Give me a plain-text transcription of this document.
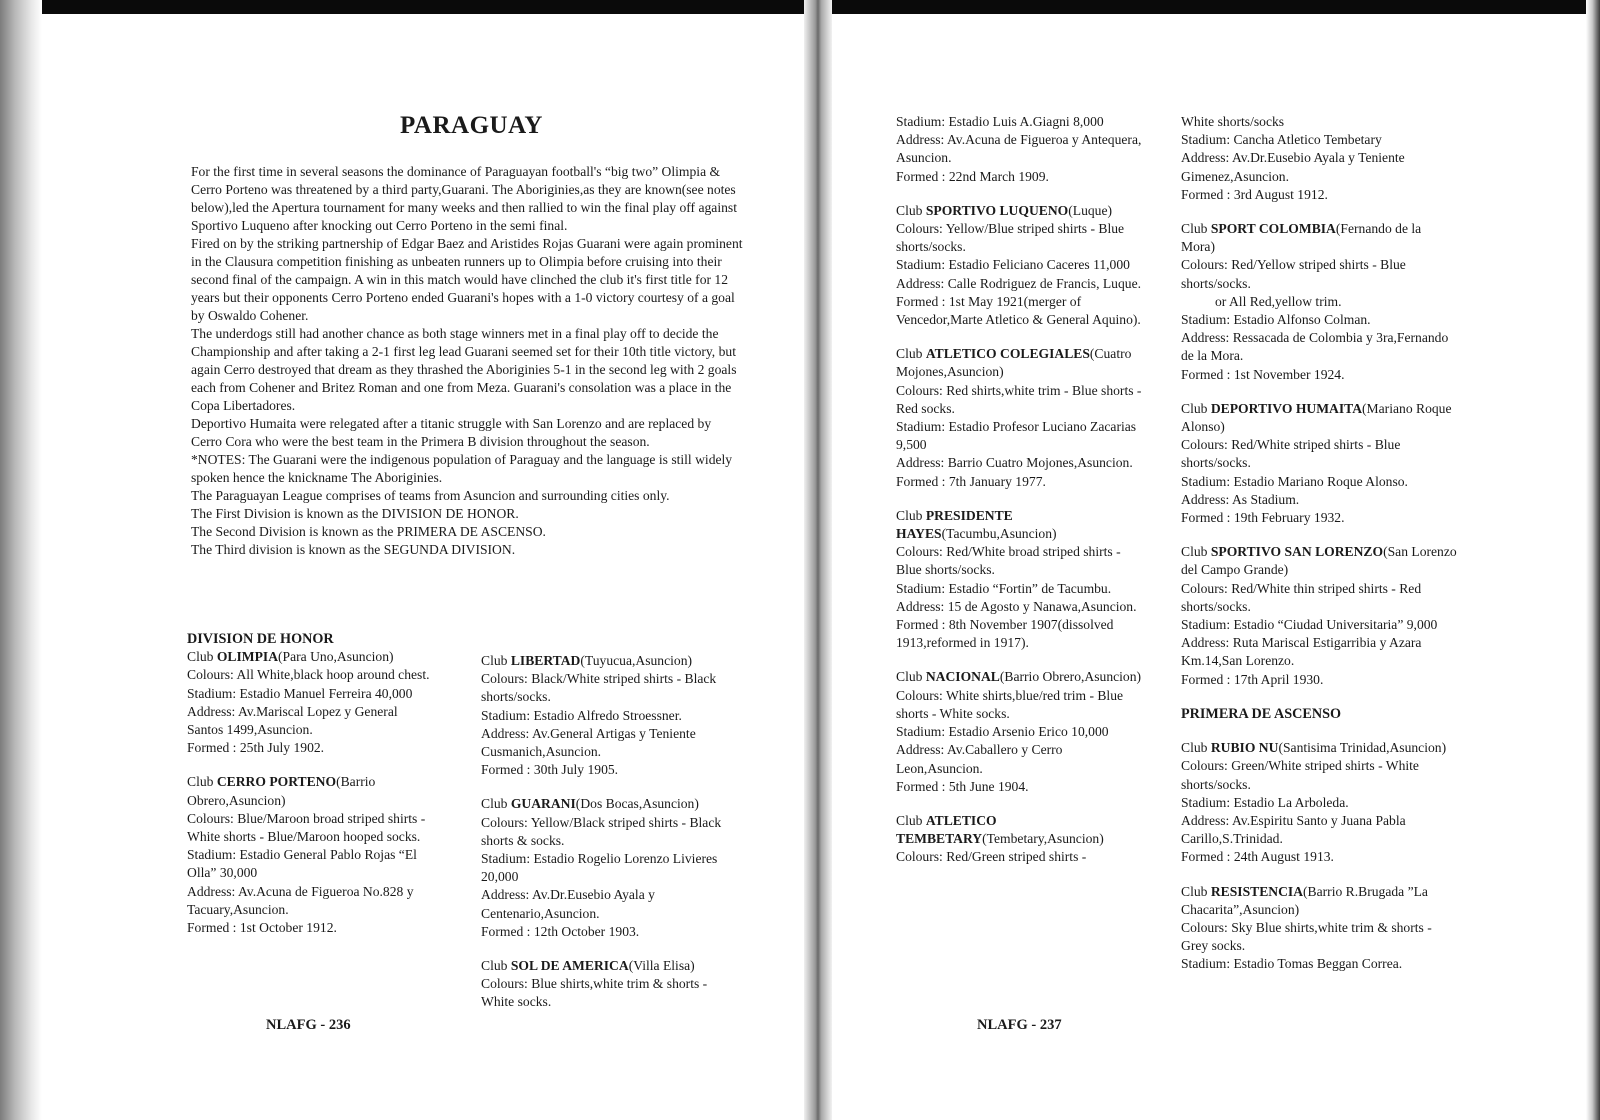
PARAGUAY

For the first time in several seasons the dominance of Paraguayan football's “big two” Olimpia & Cerro Porteno was threatened by a third party,Guarani. The Aboriginies,as they are known(see notes below),led the Apertura tournament for many weeks and then rallied to win the final play off against Sportivo Luqueno after knocking out Cerro Porteno in the semi final.

Fired on by the striking partnership of Edgar Baez and Aristides Rojas Guarani were again prominent in the Clausura competition finishing as unbeaten runners up to Olimpia before cruising into their second final of the campaign. A win in this match would have clinched the club it's first title for 12 years but their opponents Cerro Porteno ended Guarani's hopes with a 1-0 victory courtesy of a goal by Oswaldo Cohener.

The underdogs still had another chance as both stage winners met in a final play off to decide the Championship and after taking a 2-1 first leg lead Guarani seemed set for their 10th title victory, but again Cerro destroyed that dream as they thrashed the Aboriginies 5-1 in the second leg with 2 goals each from Cohener and Britez Roman and one from Meza. Guarani's consolation was a place in the Copa Libertadores.

Deportivo Humaita were relegated after a titanic struggle with San Lorenzo and are replaced by Cerro Cora who were the best team in the Primera B division throughout the season.

*NOTES: The Guarani were the indigenous population of Paraguay and the language is still widely spoken hence the knickname The Aboriginies.

The Paraguayan League comprises of teams from Asuncion and surrounding cities only.

The First Division is known as the DIVISION DE HONOR.

The Second Division is known as the PRIMERA DE ASCENSO.

The Third division is known as the SEGUNDA DIVISION.

DIVISION DE HONOR
Club OLIMPIA(Para Uno,Asuncion)
Colours: All White,black hoop around chest.
Stadium: Estadio Manuel Ferreira 40,000
Address: Av.Mariscal Lopez y General Santos 1499,Asuncion.
Formed : 25th July 1902.
Club CERRO PORTENO(Barrio Obrero,Asuncion)
Colours: Blue/Maroon broad striped shirts - White shorts - Blue/Maroon hooped socks.
Stadium: Estadio General Pablo Rojas “El Olla” 30,000
Address: Av.Acuna de Figueroa No.828 y Tacuary,Asuncion.
Formed : 1st October 1912.
Club LIBERTAD(Tuyucua,Asuncion)
Colours: Black/White striped shirts - Black shorts/socks.
Stadium: Estadio Alfredo Stroessner.
Address: Av.General Artigas y Teniente Cusmanich,Asuncion.
Formed : 30th July 1905.
Club GUARANI(Dos Bocas,Asuncion)
Colours: Yellow/Black striped shirts - Black shorts & socks.
Stadium: Estadio Rogelio Lorenzo Livieres 20,000
Address: Av.Dr.Eusebio Ayala y Centenario,Asuncion.
Formed : 12th October 1903.
Club SOL DE AMERICA(Villa Elisa)
Colours: Blue shirts,white trim & shorts - White socks.
NLAFG - 236
Stadium: Estadio Luis A.Giagni 8,000
Address: Av.Acuna de Figueroa y Antequera, Asuncion.
Formed : 22nd March 1909.
Club SPORTIVO LUQUENO(Luque)
Colours: Yellow/Blue striped shirts - Blue shorts/socks.
Stadium: Estadio Feliciano Caceres 11,000
Address: Calle Rodriguez de Francis, Luque.
Formed : 1st May 1921(merger of Vencedor,Marte Atletico & General Aquino).
Club ATLETICO COLEGIALES(Cuatro Mojones,Asuncion)
Colours: Red shirts,white trim - Blue shorts - Red socks.
Stadium: Estadio Profesor Luciano Zacarias 9,500
Address: Barrio Cuatro Mojones,Asuncion.
Formed : 7th January 1977.
Club PRESIDENTE HAYES(Tacumbu,Asuncion)
Colours: Red/White broad striped shirts - Blue shorts/socks.
Stadium: Estadio “Fortin” de Tacumbu.
Address: 15 de Agosto y Nanawa,Asuncion.
Formed : 8th November 1907(dissolved 1913,reformed in 1917).
Club NACIONAL(Barrio Obrero,Asuncion)
Colours: White shirts,blue/red trim - Blue shorts - White socks.
Stadium: Estadio Arsenio Erico 10,000
Address: Av.Caballero y Cerro Leon,Asuncion.
Formed : 5th June 1904.
Club ATLETICO TEMBETARY(Tembetary,Asuncion)
Colours: Red/Green striped shirts -
NLAFG - 237
White shorts/socks
Stadium: Cancha Atletico Tembetary
Address: Av.Dr.Eusebio Ayala y Teniente Gimenez,Asuncion.
Formed : 3rd August 1912.
Club SPORT COLOMBIA(Fernando de la Mora)
Colours: Red/Yellow striped shirts - Blue shorts/socks.
or All Red,yellow trim.
Stadium: Estadio Alfonso Colman.
Address: Ressacada de Colombia y 3ra,Fernando de la Mora.
Formed : 1st November 1924.
Club DEPORTIVO HUMAITA(Mariano Roque Alonso)
Colours: Red/White striped shirts - Blue shorts/socks.
Stadium: Estadio Mariano Roque Alonso.
Address: As Stadium.
Formed : 19th February 1932.
Club SPORTIVO SAN LORENZO(San Lorenzo del Campo Grande)
Colours: Red/White thin striped shirts - Red shorts/socks.
Stadium: Estadio “Ciudad Universitaria” 9,000
Address: Ruta Mariscal Estigarribia y Azara Km.14,San Lorenzo.
Formed : 17th April 1930.
PRIMERA DE ASCENSO
Club RUBIO NU(Santisima Trinidad,Asuncion)
Colours: Green/White striped shirts - White shorts/socks.
Stadium: Estadio La Arboleda.
Address: Av.Espiritu Santo y Juana Pabla Carillo,S.Trinidad.
Formed : 24th August 1913.
Club RESISTENCIA(Barrio R.Brugada ”La Chacarita”,Asuncion)
Colours: Sky Blue shirts,white trim & shorts - Grey socks.
Stadium: Estadio Tomas Beggan Correa.
